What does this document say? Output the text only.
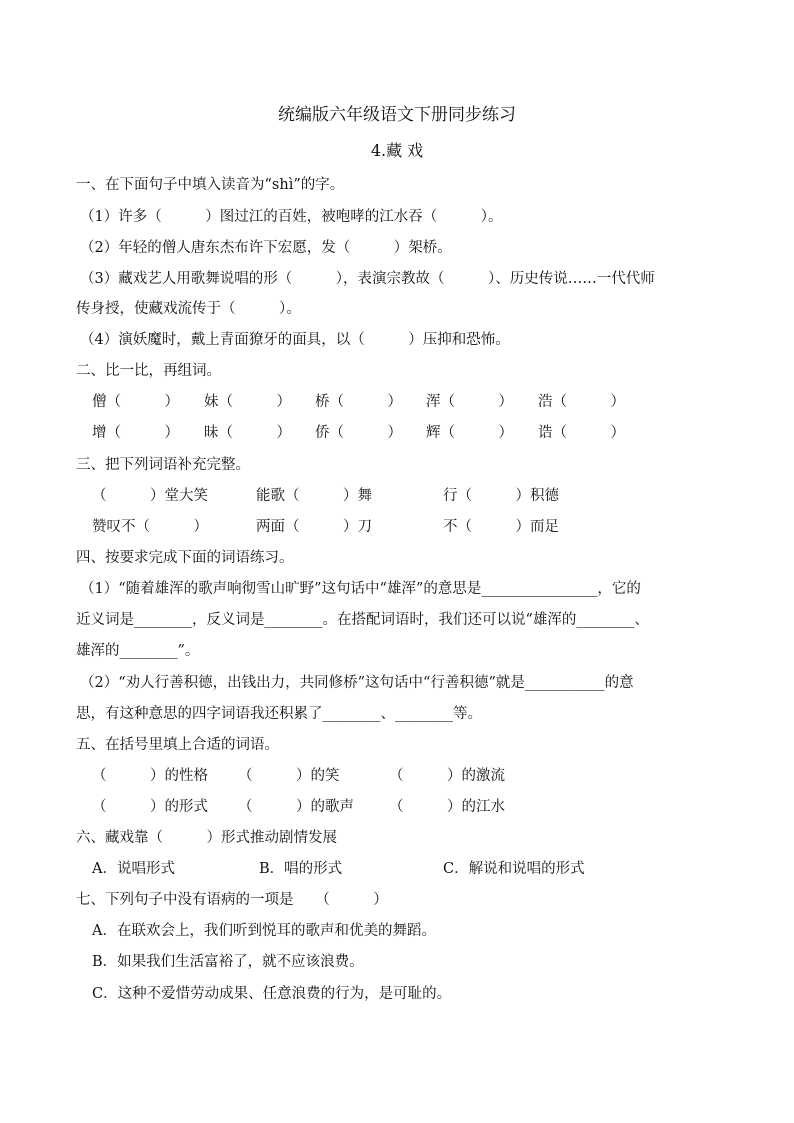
统编版六年级语文下册同步练习
4.藏 戏
一、在下面句子中填入读音为“shì”的字。
（1）许多（　　　）图过江的百姓，被咆哮的江水吞（　　　）。
（2）年轻的僧人唐东杰布许下宏愿，发（　　　）架桥。
（3）藏戏艺人用歌舞说唱的形（　　　），表演宗教故（　　　）、历史传说……一代代师
传身授，使藏戏流传于（　　　）。
（4）演妖魔时，戴上青面獠牙的面具，以（　　　）压抑和恐怖。
二、比一比，再组词。
僧（　　　） 妹（　　　） 桥（　　　） 浑（　　　） 浩（　　　）
增（　　　） 昧（　　　） 侨（　　　） 辉（　　　） 诰（　　　）
三、把下列词语补充完整。
（　　　）堂大笑	能歌（　　　）舞	行（　　　）积德
赞叹不（　　　）	两面（　　　）刀	不（　　　）而足
四、按要求完成下面的词语练习。
（1）“随着雄浑的歌声响彻雪山旷野”这句话中“雄浑”的意思是________________，它的
近义词是________，反义词是________。在搭配词语时，我们还可以说“雄浑的________、
雄浑的________”。
（2）“劝人行善积德，出钱出力，共同修桥”这句话中“行善积德”就是___________的意
思，有这种意思的四字词语我还积累了________、________等。
五、在括号里填上合适的词语。
（　　　）的性格 （　　　）的笑	（　　　）的激流
（　　　）的形式 （　　　）的歌声 （　　　）的江水
六、藏戏靠（　　　）形式推动剧情发展
A．说唱形式	B．唱的形式	C．解说和说唱的形式
七、下列句子中没有语病的一项是　　（　　　）
A．在联欢会上，我们听到悦耳的歌声和优美的舞蹈。
B．如果我们生活富裕了，就不应该浪费。
C．这种不爱惜劳动成果、任意浪费的行为，是可耻的。
